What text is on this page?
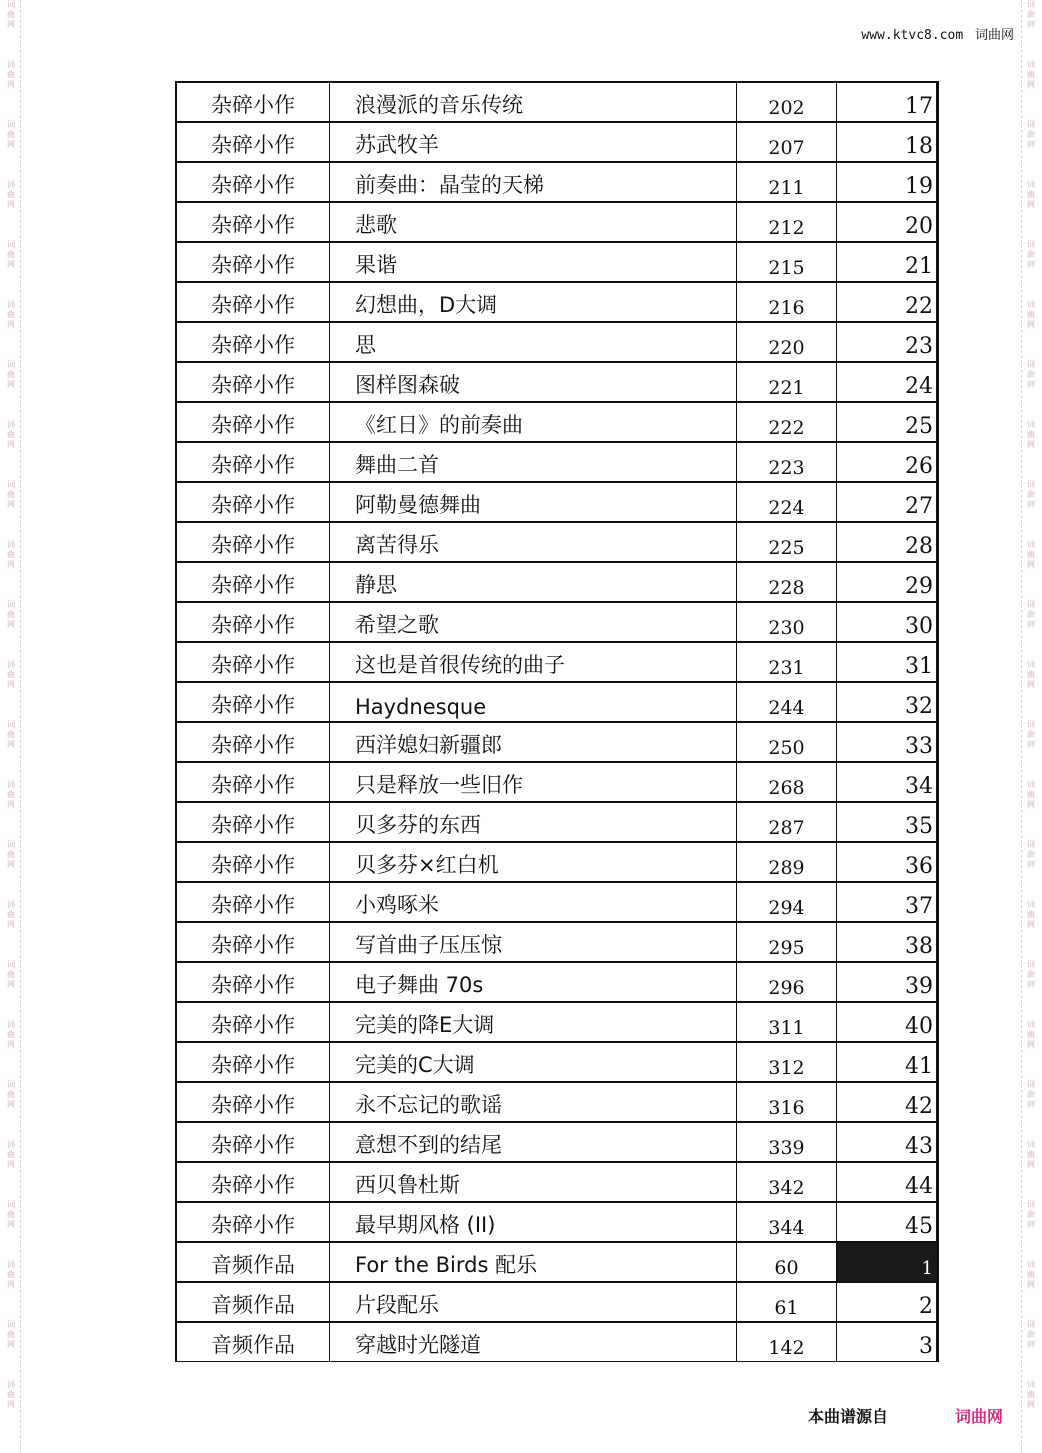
词
曲
网
词
曲
网
词
曲
网
词
曲
网
词
曲
网
词
曲
网
词
曲
网
词
曲
网
词
曲
网
词
曲
网
词
曲
网
词
曲
网
词
曲
网
词
曲
网
词
曲
网
词
曲
网
词
曲
网
词
曲
网
词
曲
网
词
曲
网
词
曲
网
词
曲
网
词
曲
网
词
曲
网
词
曲
网
词
曲
网
词
曲
网
词
曲
网
词
曲
网
词
曲
网
词
曲
网
词
曲
网
词
曲
网
词
曲
网
词
曲
网
词
曲
网
词
曲
网
词
曲
网
词
曲
网
词
曲
网
词
曲
网
词
曲
网
词
曲
网
词
曲
网
词
曲
网
词
曲
网
词
曲
网
词
曲
网
www.ktvc8.com 词曲网
杂碎小作	浪漫派的音乐传统	202	17
杂碎小作	苏武牧羊	207	18
杂碎小作	前奏曲：晶莹的天梯	211	19
杂碎小作	悲歌	212	20
杂碎小作	果谐	215	21
杂碎小作	幻想曲，D大调	216	22
杂碎小作	思	220	23
杂碎小作	图样图森破	221	24
杂碎小作	《红日》的前奏曲	222	25
杂碎小作	舞曲二首	223	26
杂碎小作	阿勒曼德舞曲	224	27
杂碎小作	离苦得乐	225	28
杂碎小作	静思	228	29
杂碎小作	希望之歌	230	30
杂碎小作	这也是首很传统的曲子	231	31
杂碎小作	Haydnesque	244	32
杂碎小作	西洋媳妇新疆郎	250	33
杂碎小作	只是释放一些旧作	268	34
杂碎小作	贝多芬的东西	287	35
杂碎小作	贝多芬×红白机	289	36
杂碎小作	小鸡啄米	294	37
杂碎小作	写首曲子压压惊	295	38
杂碎小作	电子舞曲 70s	296	39
杂碎小作	完美的降E大调	311	40
杂碎小作	完美的C大调	312	41
杂碎小作	永不忘记的歌谣	316	42
杂碎小作	意想不到的结尾	339	43
杂碎小作	西贝鲁杜斯	342	44
杂碎小作	最早期风格 (II)	344	45
音频作品	For the Birds 配乐	60	1
音频作品	片段配乐	61	2
音频作品	穿越时光隧道	142	3
本曲谱源自	词曲网
